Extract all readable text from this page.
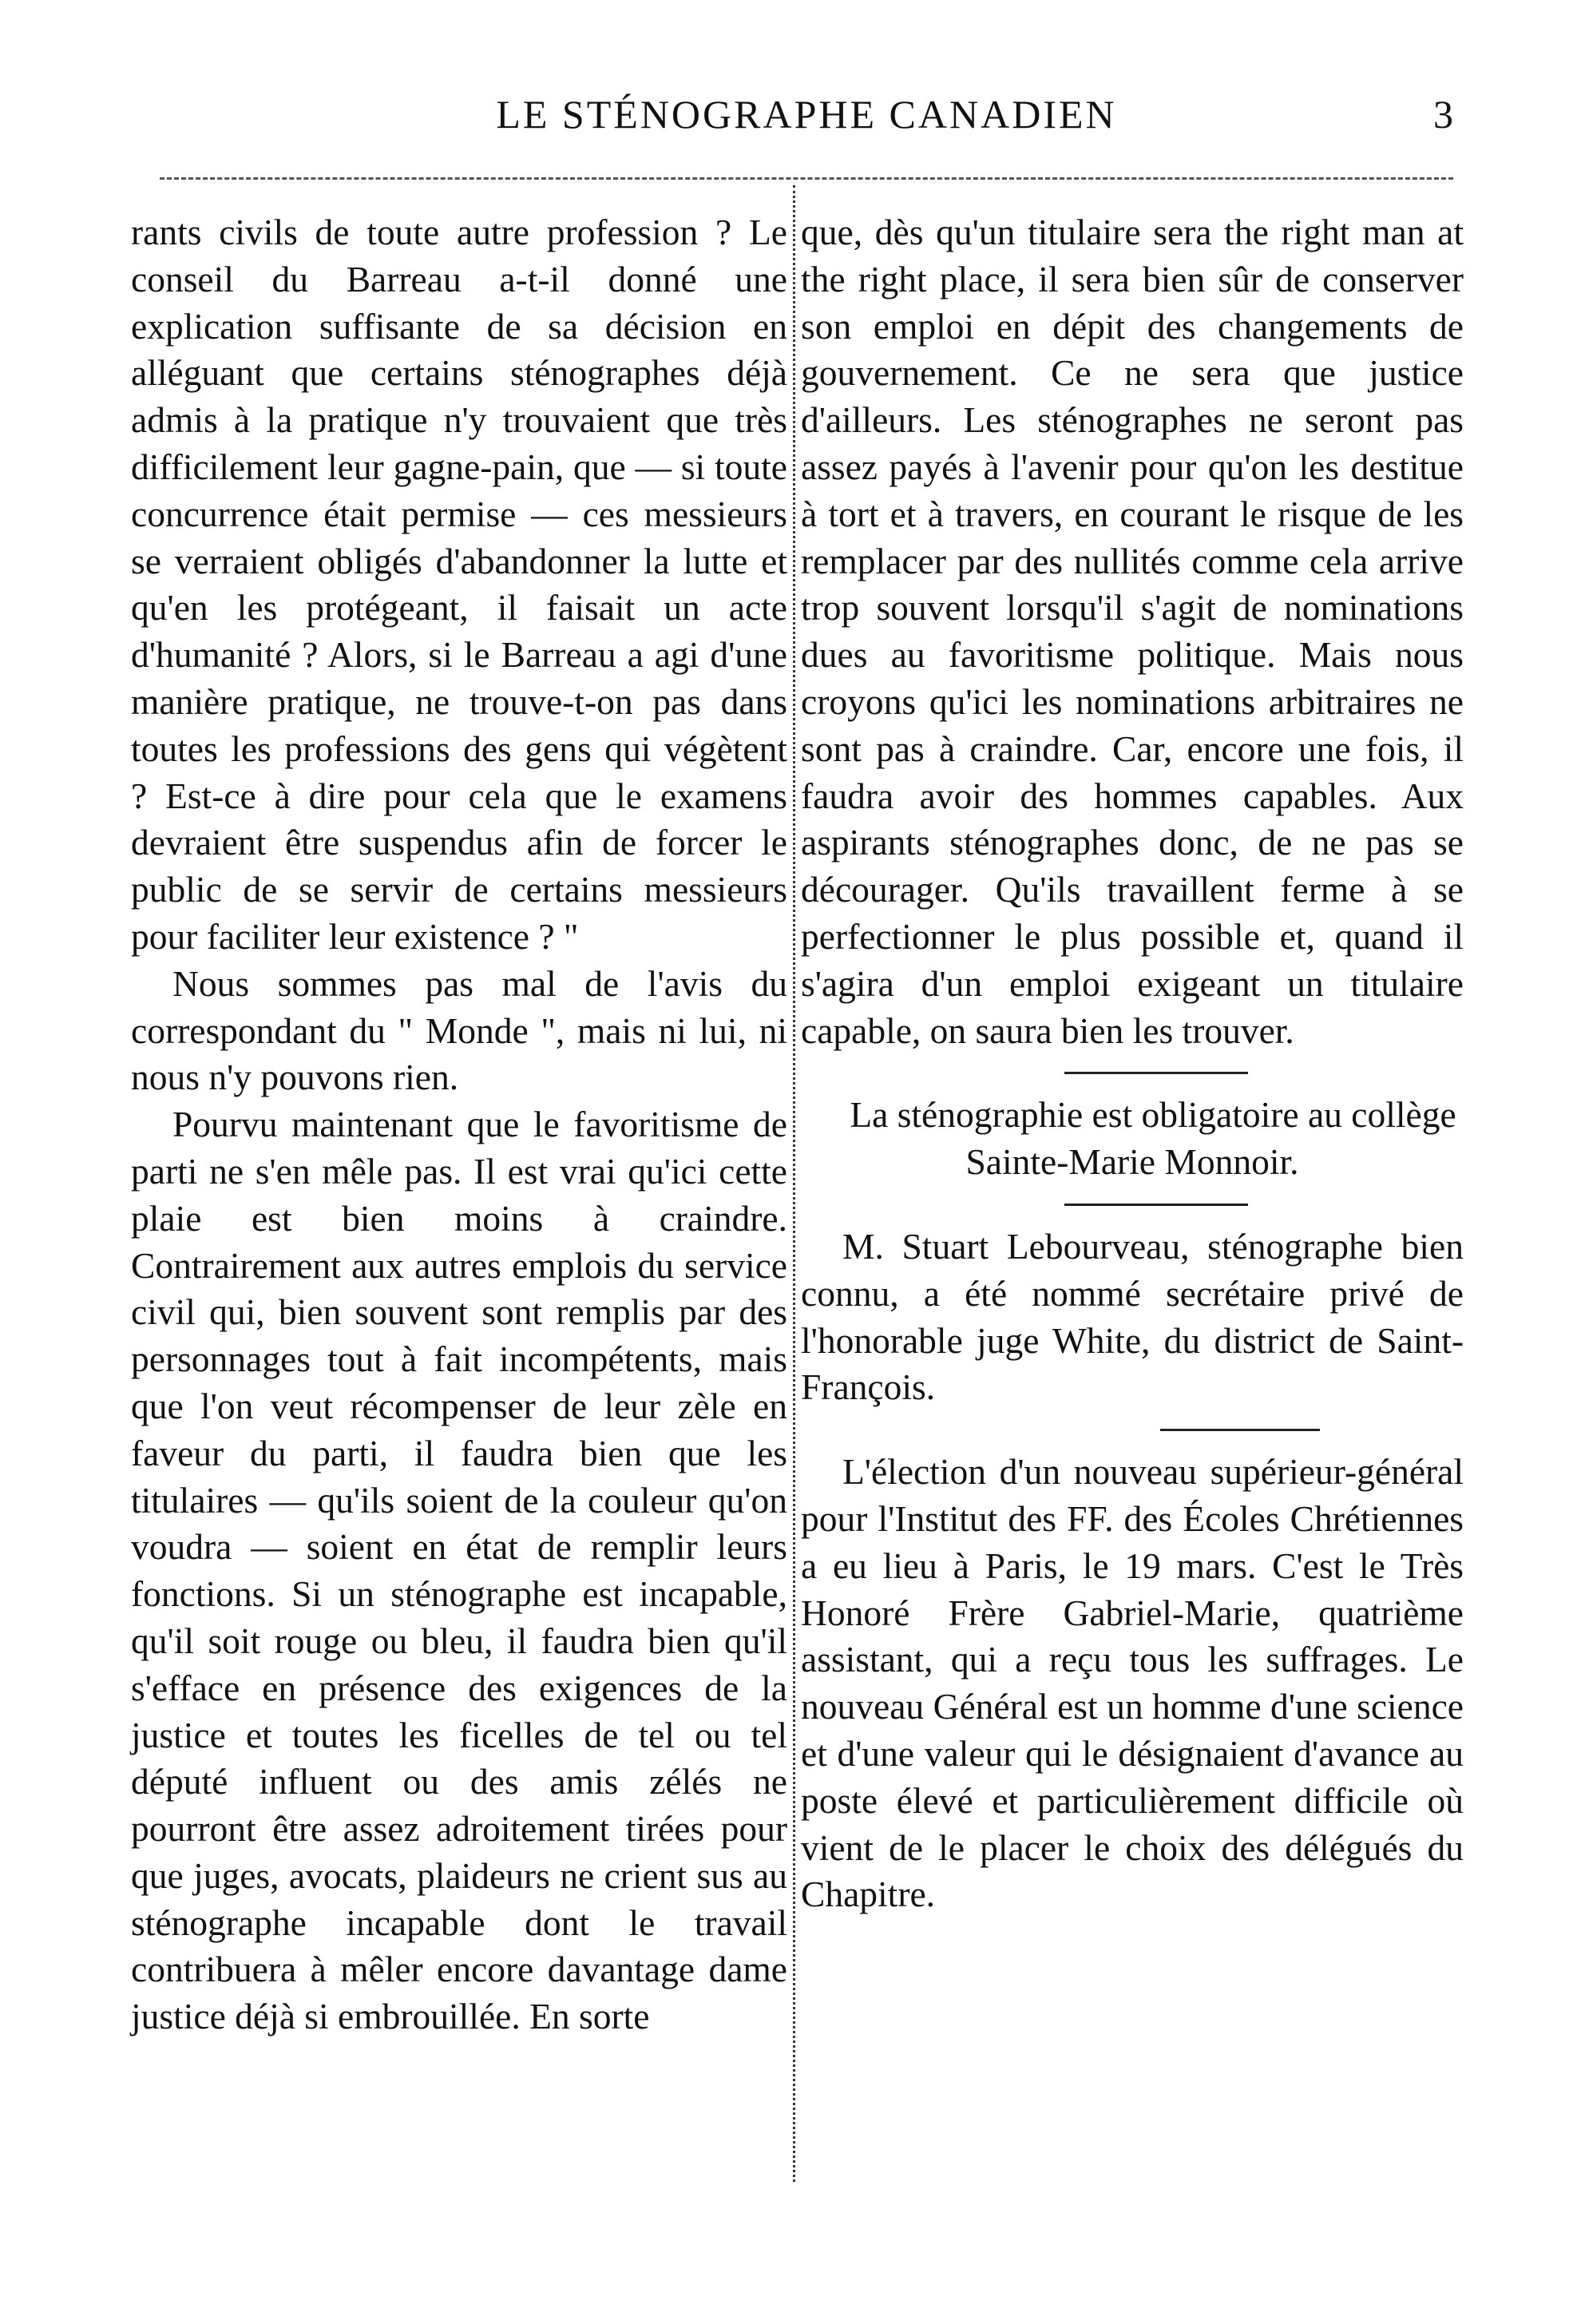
LE STÉNOGRAPHE CANADIEN	3

rants civils de toute autre profession ? Le conseil du Barreau a-t-il donné une explication suffisante de sa décision en alléguant que certains sténographes déjà admis à la pratique n'y trouvaient que très difficilement leur gagne-pain, que — si toute concurrence était permise — ces messieurs se verraient obligés d'abandonner la lutte et qu'en les protégeant, il faisait un acte d'humanité ? Alors, si le Barreau a agi d'une manière pratique, ne trouve-t-on pas dans toutes les professions des gens qui végètent ? Est-ce à dire pour cela que le examens devraient être suspendus afin de forcer le public de se servir de certains messieurs pour faciliter leur existence ? "

Nous sommes pas mal de l'avis du correspondant du " Monde ", mais ni lui, ni nous n'y pouvons rien.

Pourvu maintenant que le favoritisme de parti ne s'en mêle pas. Il est vrai qu'ici cette plaie est bien moins à craindre. Contrairement aux autres emplois du service civil qui, bien souvent sont remplis par des personnages tout à fait incompétents, mais que l'on veut récompenser de leur zèle en faveur du parti, il faudra bien que les titulaires — qu'ils soient de la couleur qu'on voudra — soient en état de remplir leurs fonctions. Si un sténographe est incapable, qu'il soit rouge ou bleu, il faudra bien qu'il s'efface en présence des exigences de la justice et toutes les ficelles de tel ou tel député influent ou des amis zélés ne pourront être assez adroitement tirées pour que juges, avocats, plaideurs ne crient sus au sténographe incapable dont le travail contribuera à mêler encore davantage dame justice déjà si embrouillée. En sorte

que, dès qu'un titulaire sera the right man at the right place, il sera bien sûr de conserver son emploi en dépit des changements de gouvernement. Ce ne sera que justice d'ailleurs. Les sténographes ne seront pas assez payés à l'avenir pour qu'on les destitue à tort et à travers, en courant le risque de les remplacer par des nullités comme cela arrive trop souvent lorsqu'il s'agit de nominations dues au favoritisme politique. Mais nous croyons qu'ici les nominations arbitraires ne sont pas à craindre. Car, encore une fois, il faudra avoir des hommes capables. Aux aspirants sténographes donc, de ne pas se décourager. Qu'ils travaillent ferme à se perfectionner le plus possible et, quand il s'agira d'un emploi exigeant un titulaire capable, on saura bien les trouver.

La sténographie est obligatoire au collège Sainte-Marie Monnoir.

M. Stuart Lebourveau, sténographe bien connu, a été nommé secrétaire privé de l'honorable juge White, du district de Saint-François.

L'élection d'un nouveau supérieur-général pour l'Institut des FF. des Écoles Chrétiennes a eu lieu à Paris, le 19 mars. C'est le Très Honoré Frère Gabriel-Marie, quatrième assistant, qui a reçu tous les suffrages. Le nouveau Général est un homme d'une science et d'une valeur qui le désignaient d'avance au poste élevé et particulièrement difficile où vient de le placer le choix des délégués du Chapitre.
